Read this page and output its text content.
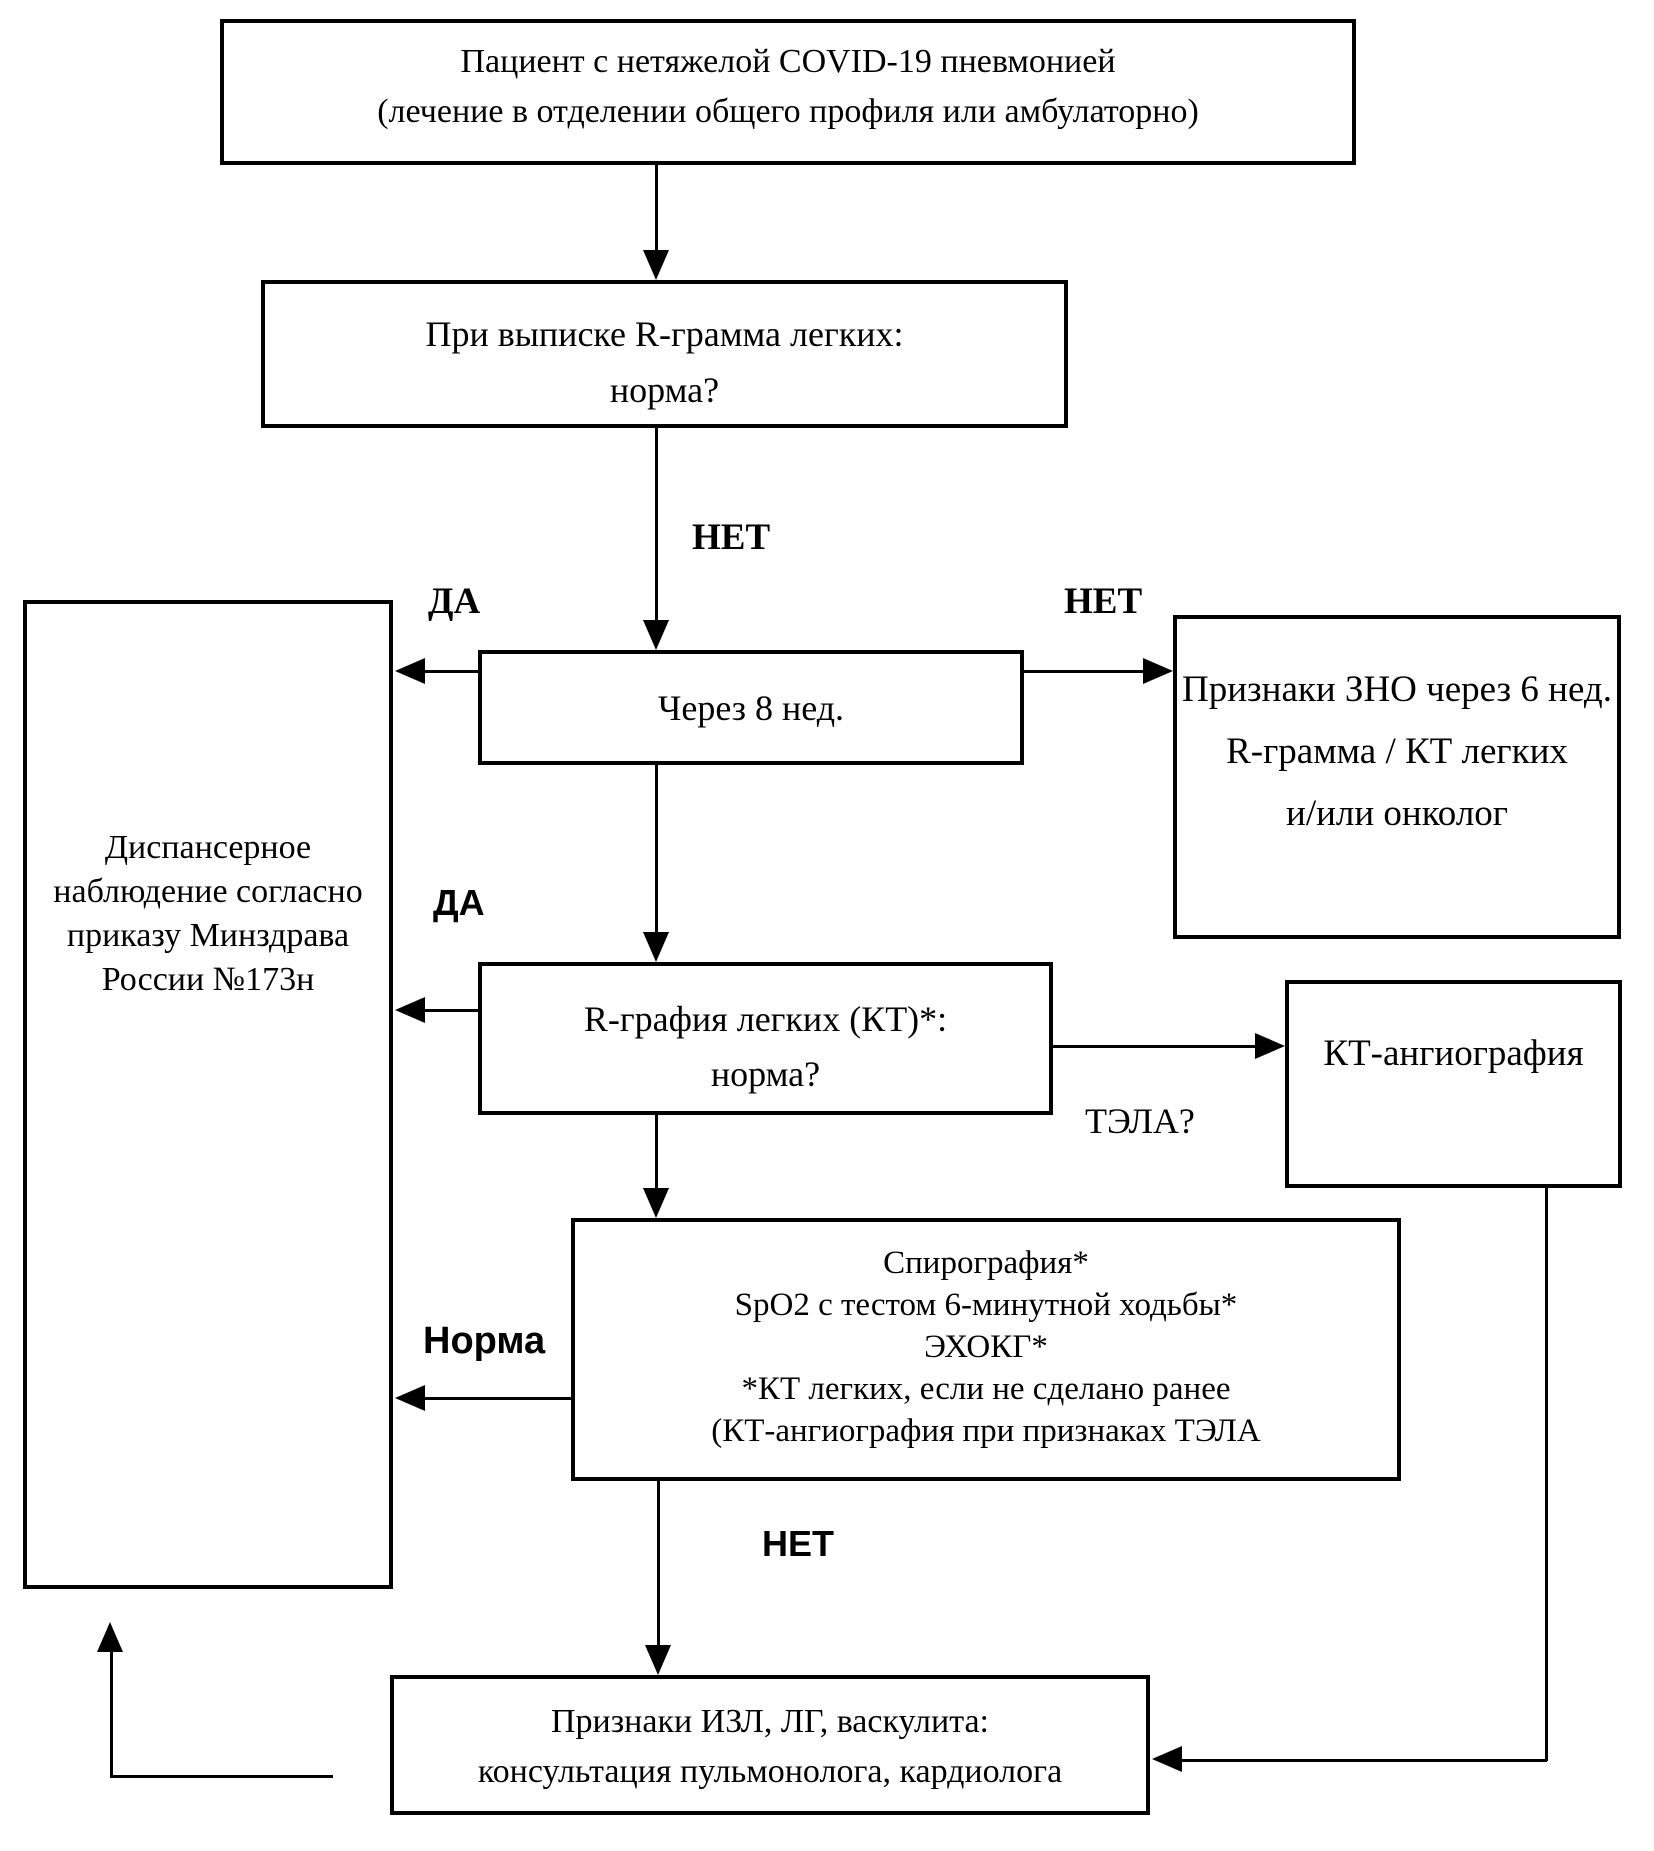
Пациент с нетяжелой COVID-19 пневмонией
(лечение в отделении общего профиля или амбулаторно)
При выписке R-грамма легких:
норма?
Через 8 нед.	Признаки ЗНО через 6 нед.
R-грамма / КТ легких
и/или онколог
Диспансерное
наблюдение согласно
приказу Минздрава
России №173н
R-графия легких (КТ)*:
норма?	КТ-ангиография
Спирография*
SpO2 с тестом 6-минутной ходьбы*
ЭХОКГ*
*КТ легких, если не сделано ранее
(КТ-ангиография при признаках ТЭЛА
Признаки ИЗЛ, ЛГ, васкулита:
консультация пульмонолога, кардиолога
НЕТ
ДА	НЕТ
ДА
ТЭЛА?
Норма
НЕТ
